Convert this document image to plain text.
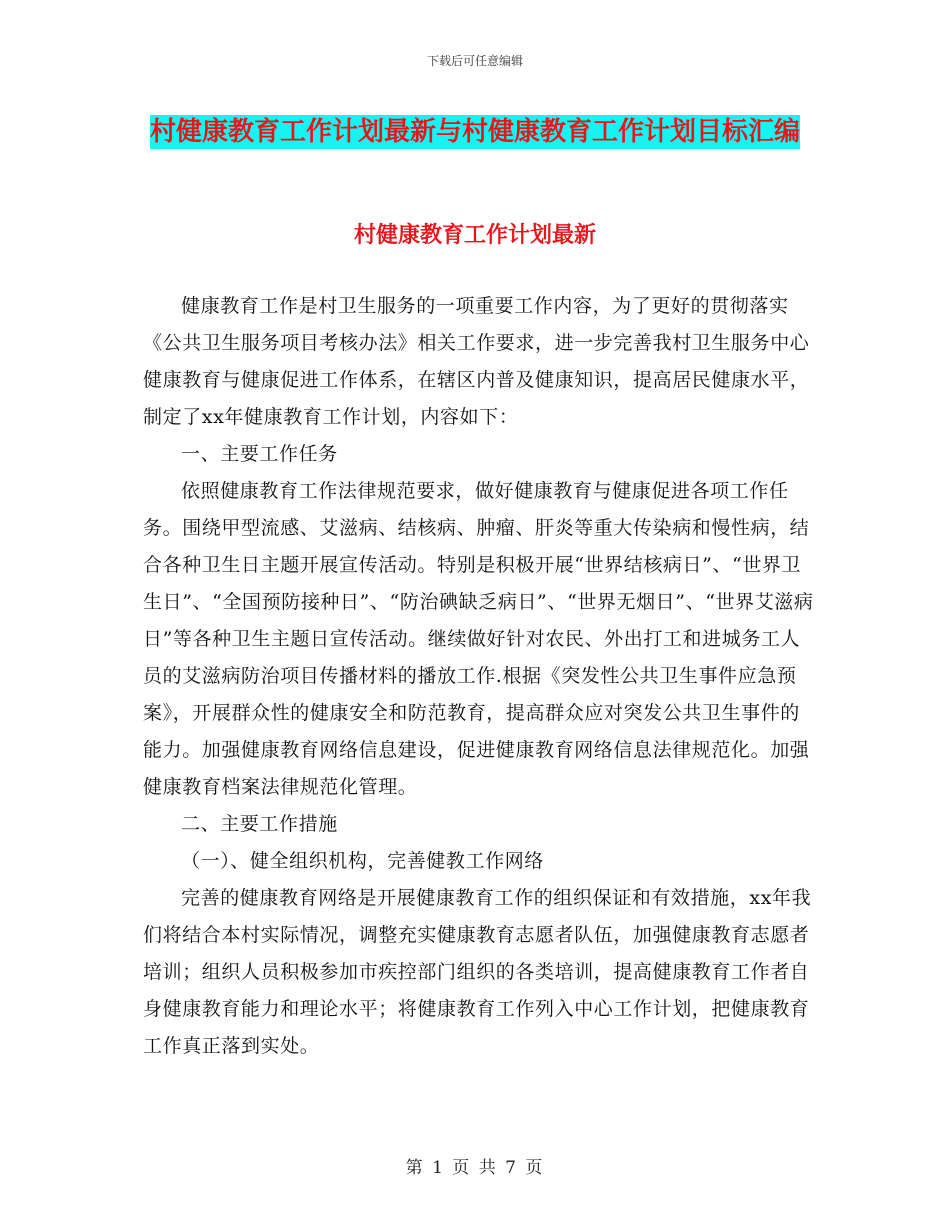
下载后可任意编辑
村健康教育工作计划最新与村健康教育工作计划目标汇编
村健康教育工作计划最新

健康教育工作是村卫生服务的一项重要工作内容，为了更好的贯彻落实《公共卫生服务项目考核办法》相关工作要求，进一步完善我村卫生服务中心健康教育与健康促进工作体系，在辖区内普及健康知识，提高居民健康水平，制定了xx年健康教育工作计划，内容如下：

一、主要工作任务

依照健康教育工作法律规范要求，做好健康教育与健康促进各项工作任务。围绕甲型流感、艾滋病、结核病、肿瘤、肝炎等重大传染病和慢性病，结合各种卫生日主题开展宣传活动。特别是积极开展“世界结核病日”、“世界卫生日”、“全国预防接种日”、“防治碘缺乏病日”、“世界无烟日”、“世界艾滋病日”等各种卫生主题日宣传活动。继续做好针对农民、外出打工和进城务工人员的艾滋病防治项目传播材料的播放工作.根据《突发性公共卫生事件应急预案》，开展群众性的健康安全和防范教育，提高群众应对突发公共卫生事件的能力。加强健康教育网络信息建设，促进健康教育网络信息法律规范化。加强健康教育档案法律规范化管理。

二、主要工作措施

（一）、健全组织机构，完善健教工作网络

完善的健康教育网络是开展健康教育工作的组织保证和有效措施，xx年我们将结合本村实际情况，调整充实健康教育志愿者队伍，加强健康教育志愿者培训；组织人员积极参加市疾控部门组织的各类培训，提高健康教育工作者自身健康教育能力和理论水平；将健康教育工作列入中心工作计划，把健康教育工作真正落到实处。

第 1 页 共 7 页
